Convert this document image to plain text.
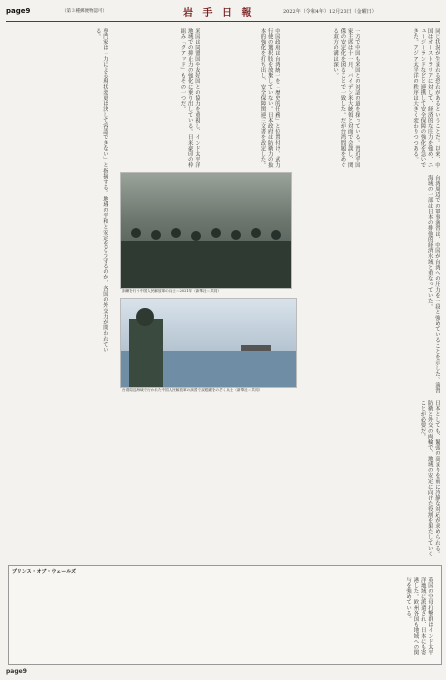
page9	（第３種郵便物認可）	岩 手 日 報	2022年（令和4年）12月23日（金曜日）
同じ状況が生まれる恐れがあるということだ。以来、中国はオーストラリアに対して、経済的な圧力を強め、ニュージーランドなどと連携して安全保障の強化を急いできた。アジア太平洋の秩序は大きく変わりつつある。
一方で中国も米国との対話の道を探っている。習近平国家主席は十一月、バイデン米大統領と対面で会談し、関係の安定化を図ることで一致した。だが台湾問題をめぐる双方の溝は深い。
中国政府は台湾統一を「歴史的任務」と位置付け、武力行使の選択肢を放棄していない。日本政府は防衛力の抜本的強化を打ち出し、安全保障関連三文書を改定した。
米国は同盟国や友好国との協力を重視し、インド太平洋地域での抑止力の強化に乗り出している。日米豪印の枠組み「クアッド」もその一つだ。
専門家は「力による現状変更は決して容認できない」と指摘する。地域の平和と安定をどう守るのか、各国の外交力が問われている。
訓練を行う中国人民解放軍の兵士＝2021年（新華社＝共同）
台湾周辺海域で行われた中国人民解放軍の演習で双眼鏡をのぞく兵士（新華社＝共同）	台湾周辺での軍事演習は、中国が台湾への圧力を一段と強めていることを示した。演習海域の一部は日本の排他的経済水域と重なっていた。
日本としても、緊張の高まりを前に冷静な対応が求められる。防衛と外交の両輪で、地域の安定に向けた役割を果たしていくことが必要だ。
プリンス・オブ・ウェールズ
英国の空母打撃群はインド太平洋地域に派遣され、日本にも寄港した。欧州各国も地域への関与を強めている。
page9
